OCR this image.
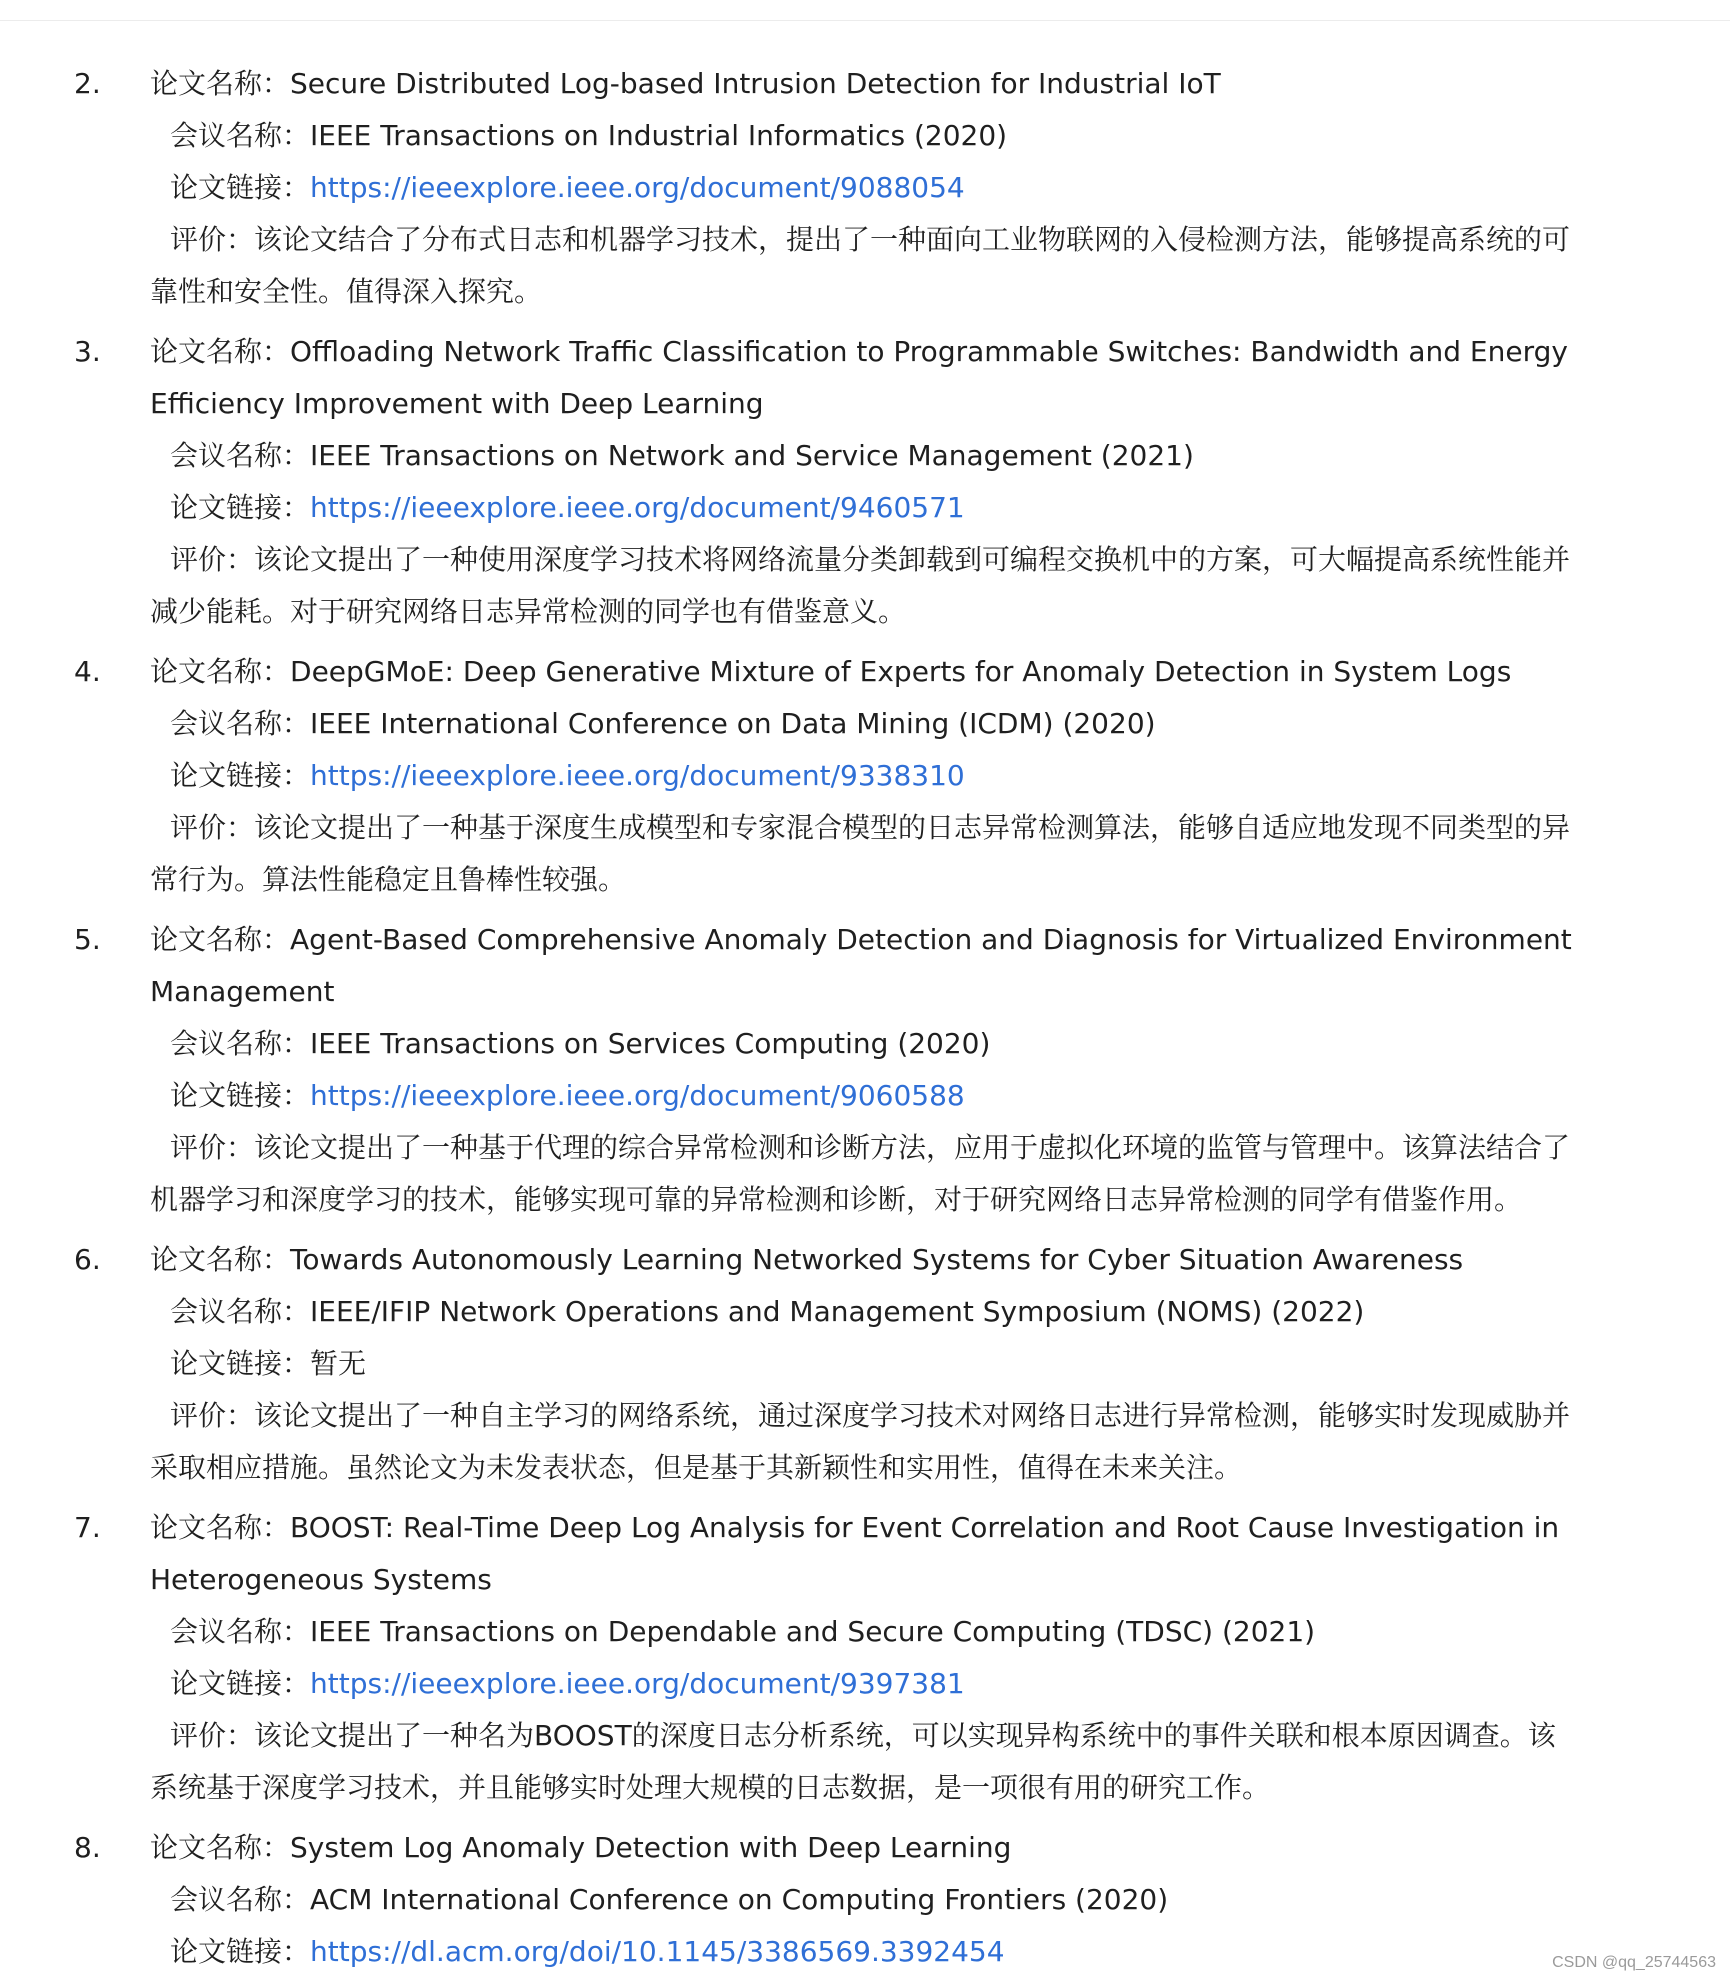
2. 论文名称：Secure Distributed Log-based Intrusion Detection for Industrial IoT
会议名称：IEEE Transactions on Industrial Informatics (2020)
论文链接：https://ieeexplore.ieee.org/document/9088054
评价：该论文结合了分布式日志和机器学习技术，提出了一种面向工业物联网的入侵检测方法，能够提高系统的可靠性和安全性。值得深入探究。
3. 论文名称：Offloading Network Traffic Classification to Programmable Switches: Bandwidth and Energy Efficiency Improvement with Deep Learning
会议名称：IEEE Transactions on Network and Service Management (2021)
论文链接：https://ieeexplore.ieee.org/document/9460571
评价：该论文提出了一种使用深度学习技术将网络流量分类卸载到可编程交换机中的方案，可大幅提高系统性能并减少能耗。对于研究网络日志异常检测的同学也有借鉴意义。
4. 论文名称：DeepGMoE: Deep Generative Mixture of Experts for Anomaly Detection in System Logs
会议名称：IEEE International Conference on Data Mining (ICDM) (2020)
论文链接：https://ieeexplore.ieee.org/document/9338310
评价：该论文提出了一种基于深度生成模型和专家混合模型的日志异常检测算法，能够自适应地发现不同类型的异常行为。算法性能稳定且鲁棒性较强。
5. 论文名称：Agent-Based Comprehensive Anomaly Detection and Diagnosis for Virtualized Environment Management
会议名称：IEEE Transactions on Services Computing (2020)
论文链接：https://ieeexplore.ieee.org/document/9060588
评价：该论文提出了一种基于代理的综合异常检测和诊断方法，应用于虚拟化环境的监管与管理中。该算法结合了机器学习和深度学习的技术，能够实现可靠的异常检测和诊断，对于研究网络日志异常检测的同学有借鉴作用。
6. 论文名称：Towards Autonomously Learning Networked Systems for Cyber Situation Awareness
会议名称：IEEE/IFIP Network Operations and Management Symposium (NOMS) (2022)
论文链接：暂无
评价：该论文提出了一种自主学习的网络系统，通过深度学习技术对网络日志进行异常检测，能够实时发现威胁并采取相应措施。虽然论文为未发表状态，但是基于其新颖性和实用性，值得在未来关注。
7. 论文名称：BOOST: Real-Time Deep Log Analysis for Event Correlation and Root Cause Investigation in Heterogeneous Systems
会议名称：IEEE Transactions on Dependable and Secure Computing (TDSC) (2021)
论文链接：https://ieeexplore.ieee.org/document/9397381
评价：该论文提出了一种名为BOOST的深度日志分析系统，可以实现异构系统中的事件关联和根本原因调查。该系统基于深度学习技术，并且能够实时处理大规模的日志数据，是一项很有用的研究工作。
8. 论文名称：System Log Anomaly Detection with Deep Learning
会议名称：ACM International Conference on Computing Frontiers (2020)
论文链接：https://dl.acm.org/doi/10.1145/3386569.3392454	CSDN @qq_25744563
